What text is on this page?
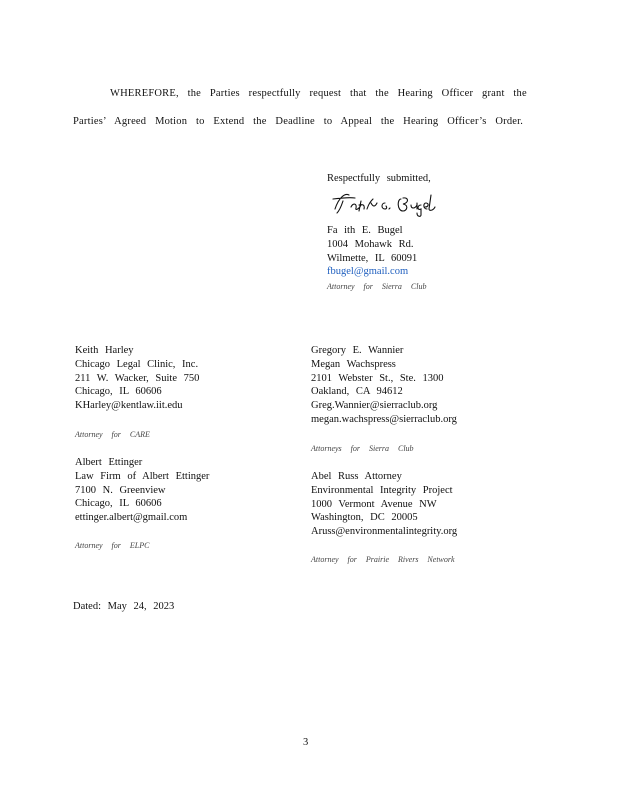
WHEREFORE, the Parties respectfully request that the Hearing Officer grant the
Parties’ Agreed Motion to Extend the Deadline to Appeal the Hearing Officer’s Order.
Respectfully submitted,
Fa ith E. Bugel
1004 Mohawk Rd.
Wilmette, IL 60091
fbugel@gmail.com
Attorney for Sierra Club
Keith Harley
Chicago Legal Clinic, Inc.
211 W. Wacker, Suite 750
Chicago, IL 60606
KHarley@kentlaw.iit.edu
Attorney for CARE
Albert Ettinger
Law Firm of Albert Ettinger
7100 N. Greenview
Chicago, IL 60606
ettinger.albert@gmail.com
Attorney for ELPC
Gregory E. Wannier
Megan Wachspress
2101 Webster St., Ste. 1300
Oakland, CA 94612
Greg.Wannier@sierraclub.org
megan.wachspress@sierraclub.org
Attorneys for Sierra Club
Abel Russ Attorney
Environmental Integrity Project
1000 Vermont Avenue NW
Washington, DC 20005
Aruss@environmentalintegrity.org
Attorney for Prairie Rivers Network
Dated: May 24, 2023
3
